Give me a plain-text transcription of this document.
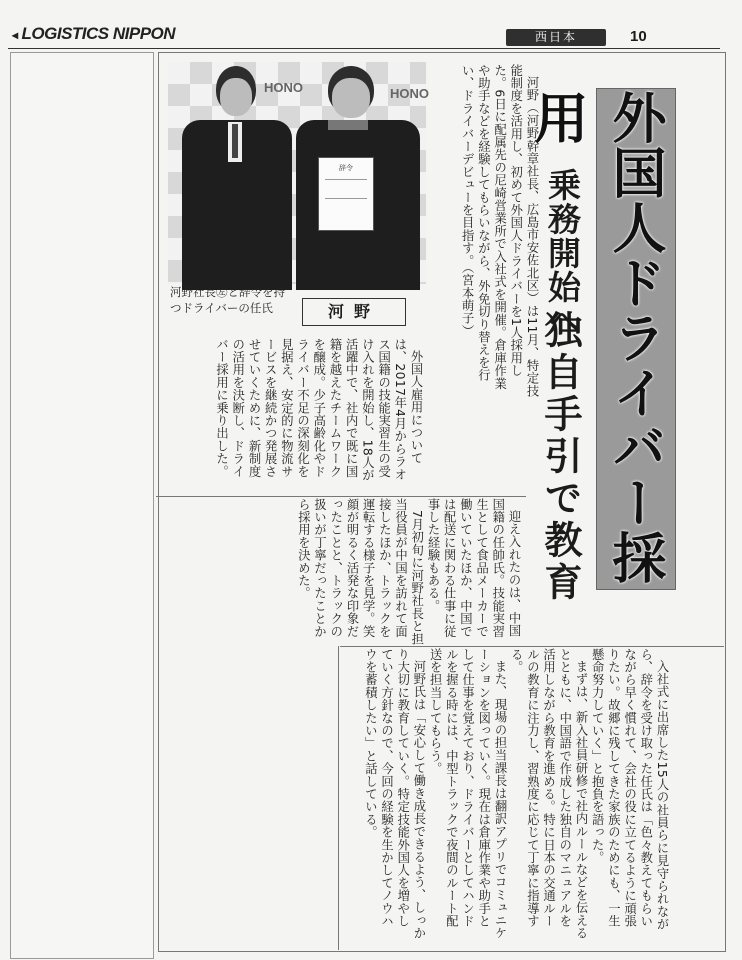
◂ LOGISTICS NIPPON	西日本	10
HONO	HONO
辞令
河野社長㊧と辞令を持つドライバーの任氏	河野	外国人ドライバー採用
乗務開始へ
独自手引で教育

河野（河野幹章社長、広島市安佐北区）は11月、特定技能制度を活用し、初めて外国人ドライバーを1人採用した。6日に配属先の尼崎営業所で入社式を開催。倉庫作業や助手などを経験してもらいながら、外免切り替えを行い、ドライバーデビューを目指す。（宮本萌子）

外国人雇用については、2017年4月からラオス国籍の技能実習生の受け入れを開始し、18人が活躍中で、社内で既に国籍を越えたチームワークを醸成。少子高齢化やドライバー不足の深刻化を見据え、安定的に物流サービスを継続かつ発展させていくために、新制度の活用を決断し、ドライバー採用に乗り出した。

迎え入れたのは、中国国籍の任帥氏。技能実習生として食品メーカーで働いていたほか、中国では配送に関わる仕事に従事した経験もある。

7月初旬に河野社長と担当役員が中国を訪れて面接したほか、トラックを運転する様子を見学。笑顔が明るく活発な印象だったことと、トラックの扱いが丁寧だったことから採用を決めた。

入社式に出席した15人の社員らに見守られながら、辞令を受け取った任氏は「色々教えてもらいながら早く慣れて、会社の役に立てるように頑張りたい。故郷に残してきた家族のためにも、一生懸命努力していく」と抱負を語った。

まずは、新入社員研修で社内ルールなどを伝えるとともに、中国語で作成した独自のマニュアルを活用しながら教育を進める。特に日本の交通ルールの教育に注力し、習熟度に応じて丁寧に指導する。

また、現場の担当課長は翻訳アプリでコミュニケーションを図っていく。現在は倉庫作業や助手として仕事を覚えており、ドライバーとしてハンドルを握る時には、中型トラックで夜間のルート配送を担当してもらう。

河野氏は「安心して働き成長できるよう、しっかり大切に教育していく。特定技能外国人を増やしていく方針なので、今回の経験を生かしてノウハウを蓄積したい」と話している。
